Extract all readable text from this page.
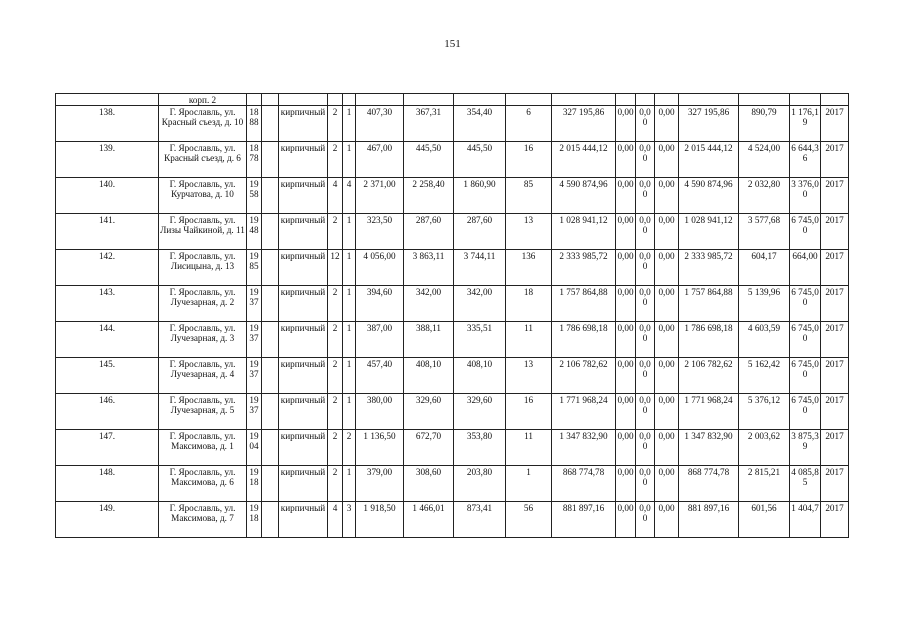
151
	корп. 2																	
138.	Г. Ярославль, ул. Красный съезд, д. 10	1888		кирпичный	2	1	407,30	367,31	354,40	6	327 195,86	0,00	0,00	0,00	327 195,86	890,79	1 176,19	2017
139.	Г. Ярославль, ул. Красный съезд, д. 6	1878		кирпичный	2	1	467,00	445,50	445,50	16	2 015 444,12	0,00	0,00	0,00	2 015 444,12	4 524,00	6 644,36	2017
140.	Г. Ярославль, ул. Курчатова, д. 10	1958		кирпичный	4	4	2 371,00	2 258,40	1 860,90	85	4 590 874,96	0,00	0,00	0,00	4 590 874,96	2 032,80	3 376,00	2017
141.	Г. Ярославль, ул. Лизы Чайкиной, д. 11	1948		кирпичный	2	1	323,50	287,60	287,60	13	1 028 941,12	0,00	0,00	0,00	1 028 941,12	3 577,68	6 745,00	2017
142.	Г. Ярославль, ул. Лисицына, д. 13	1985		кирпичный	12	1	4 056,00	3 863,11	3 744,11	136	2 333 985,72	0,00	0,00	0,00	2 333 985,72	604,17	664,00	2017
143.	Г. Ярославль, ул. Лучезарная, д. 2	1937		кирпичный	2	1	394,60	342,00	342,00	18	1 757 864,88	0,00	0,00	0,00	1 757 864,88	5 139,96	6 745,00	2017
144.	Г. Ярославль, ул. Лучезарная, д. 3	1937		кирпичный	2	1	387,00	388,11	335,51	11	1 786 698,18	0,00	0,00	0,00	1 786 698,18	4 603,59	6 745,00	2017
145.	Г. Ярославль, ул. Лучезарная, д. 4	1937		кирпичный	2	1	457,40	408,10	408,10	13	2 106 782,62	0,00	0,00	0,00	2 106 782,62	5 162,42	6 745,00	2017
146.	Г. Ярославль, ул. Лучезарная, д. 5	1937		кирпичный	2	1	380,00	329,60	329,60	16	1 771 968,24	0,00	0,00	0,00	1 771 968,24	5 376,12	6 745,00	2017
147.	Г. Ярославль, ул. Максимова, д. 1	1904		кирпичный	2	2	1 136,50	672,70	353,80	11	1 347 832,90	0,00	0,00	0,00	1 347 832,90	2 003,62	3 875,39	2017
148.	Г. Ярославль, ул. Максимова, д. 6	1918		кирпичный	2	1	379,00	308,60	203,80	1	868 774,78	0,00	0,00	0,00	868 774,78	2 815,21	4 085,85	2017
149.	Г. Ярославль, ул. Максимова, д. 7	1918		кирпичный	4	3	1 918,50	1 466,01	873,41	56	881 897,16	0,00	0,00	0,00	881 897,16	601,56	1 404,7	2017
